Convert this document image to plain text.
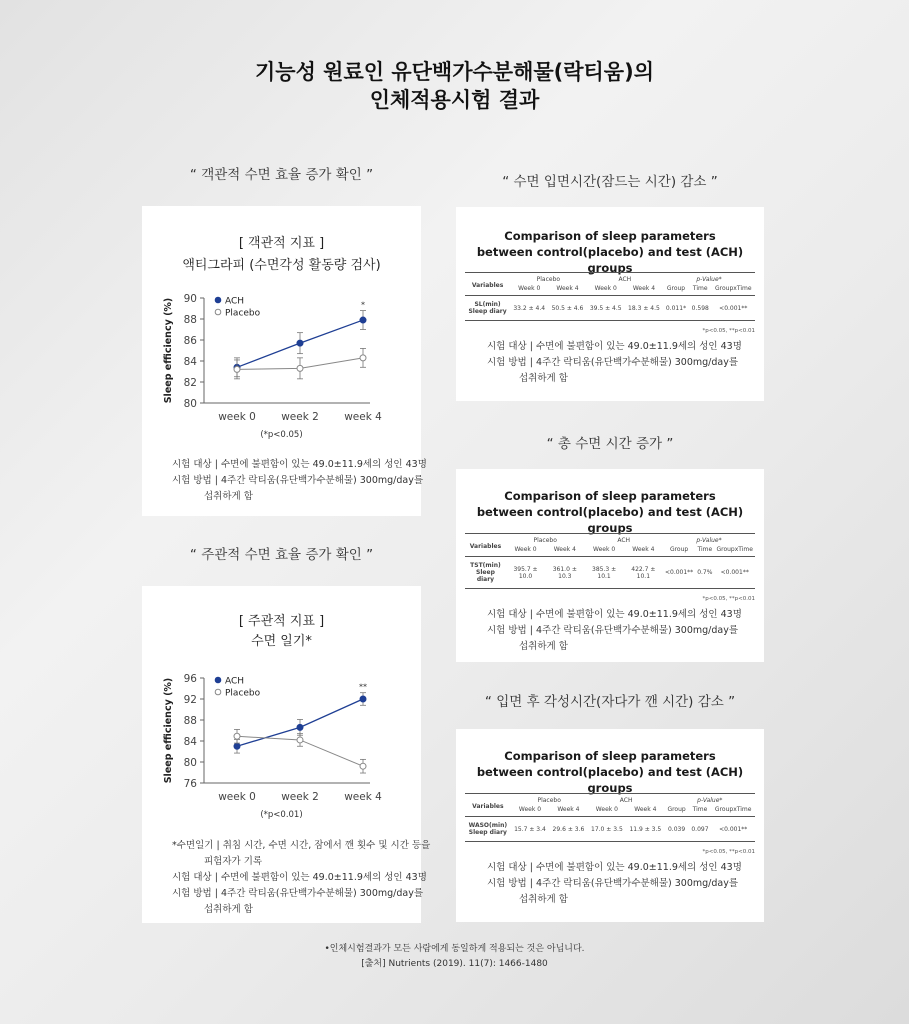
기능성 원료인 유단백가수분해물(락티움)의
인체적용시험 결과
“ 객관적 수면 효율 증가 확인 ”
“ 주관적 수면 효율 증가 확인 ”
“ 수면 입면시간(잠드는 시간) 감소 ”
“ 총 수면 시간 증가 ”
“ 입면 후 각성시간(자다가 깬 시간) 감소 ”
[ 객관적 지표 ]
액티그라피 (수면각성 활동량 검사)
80
82
84
86
88
90
week 0 week 2 week 4
Sleep efficiency (%)	*
ACH
Placebo
(*p<0.05)
시험 대상 | 수면에 불편함이 있는 49.0±11.9세의 성인 43명
시험 방법 | 4주간 락티움(유단백가수분해물) 300mg/day를
섭취하게 함
[ 주관적 지표 ]
수면 일기*
76
80
84
88
92
96
week 0 week 2 week 4
Sleep efficiency (%)	**
ACH
Placebo
(*p<0.01)
*수면일기 | 취침 시간, 수면 시간, 잠에서 깬 횟수 및 시간 등을
피험자가 기록
시험 대상 | 수면에 불편함이 있는 49.0±11.9세의 성인 43명
시험 방법 | 4주간 락티움(유단백가수분해물) 300mg/day를
섭취하게 함
Comparison of sleep parameters
between control(placebo) and test (ACH) groups
Variables	Placebo		ACH		p-Value*		
	Week 0	Week 4	Week 0	Week 4	Group	Time	GroupxTime

SL(min)
Sleep diary	33.2 ± 4.4	50.5 ± 4.6	39.5 ± 4.5	18.3 ± 4.5	0.011*	0.598	<0.001**
*p<0.05, **p<0.01
시험 대상 | 수면에 불편함이 있는 49.0±11.9세의 성인 43명
시험 방법 | 4주간 락티움(유단백가수분해물) 300mg/day를
섭취하게 함
Comparison of sleep parameters
between control(placebo) and test (ACH) groups
Variables	Placebo		ACH		p-Value*		
	Week 0	Week 4	Week 0	Week 4	Group	Time	GroupxTime

TST(min)
Sleep diary	395.7 ± 10.0	361.0 ± 10.3	385.3 ± 10.1	422.7 ± 10.1	<0.001**	0.7%	<0.001**
*p<0.05, **p<0.01
시험 대상 | 수면에 불편함이 있는 49.0±11.9세의 성인 43명
시험 방법 | 4주간 락티움(유단백가수분해물) 300mg/day를
섭취하게 함
Comparison of sleep parameters
between control(placebo) and test (ACH) groups
Variables	Placebo		ACH		p-Value*		
	Week 0	Week 4	Week 0	Week 4	Group	Time	GroupxTime

WASO(min)
Sleep diary	15.7 ± 3.4	29.6 ± 3.6	17.0 ± 3.5	11.9 ± 3.5	0.039	0.097	<0.001**
*p<0.05, **p<0.01
시험 대상 | 수면에 불편함이 있는 49.0±11.9세의 성인 43명
시험 방법 | 4주간 락티움(유단백가수분해물) 300mg/day를
섭취하게 함
•인체시험결과가 모든 사람에게 동일하게 적용되는 것은 아닙니다.
[출처] Nutrients (2019). 11(7): 1466-1480
